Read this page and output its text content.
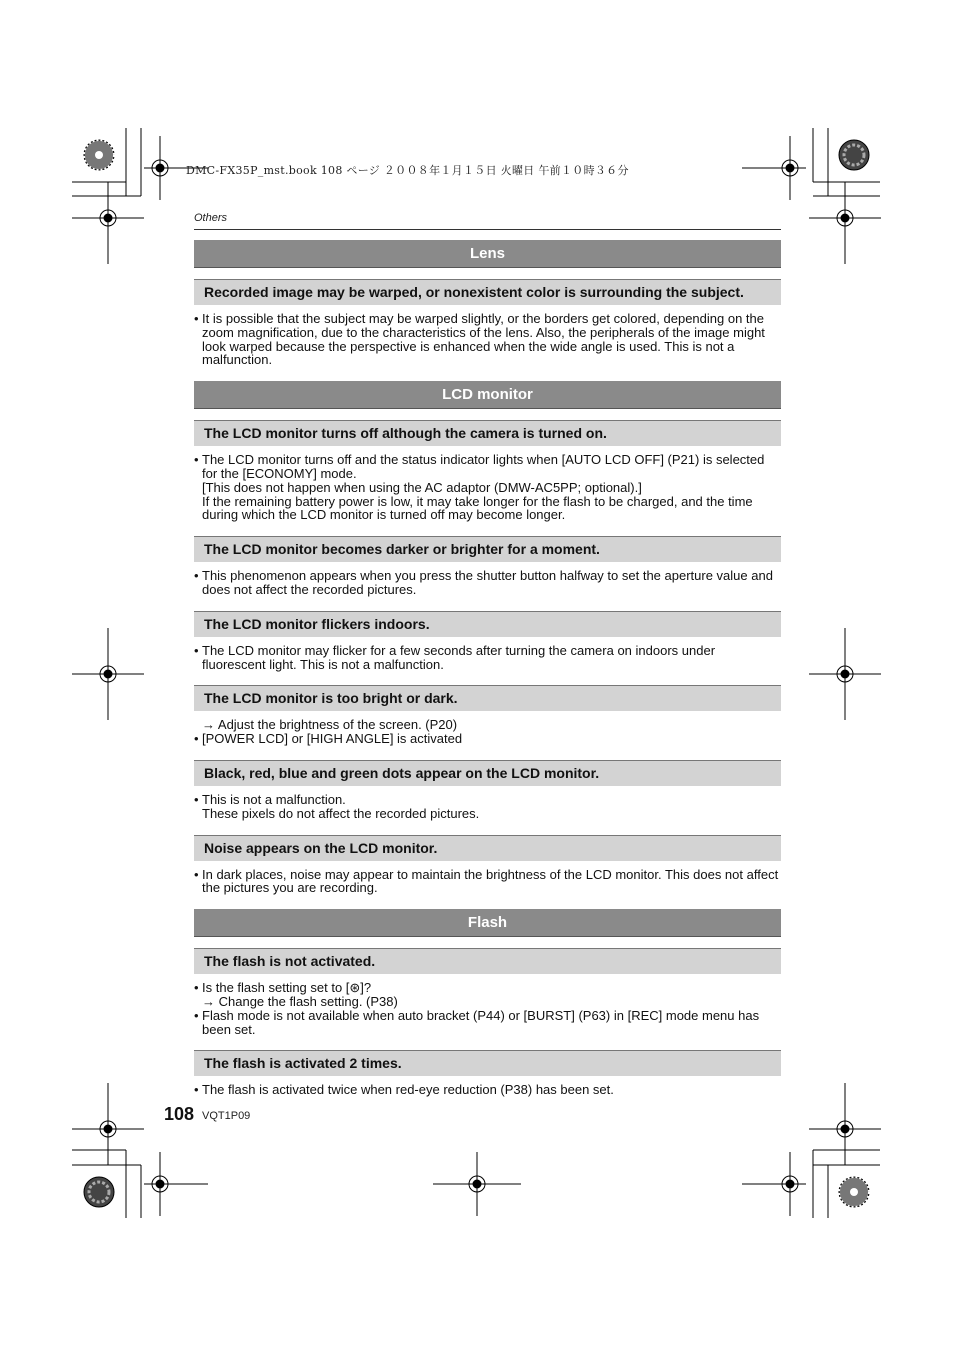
DMC-FX35P_mst.book 108 ページ ２００８年１月１５日 火曜日 午前１０時３６分
Others
Lens
Recorded image may be warped, or nonexistent color is surrounding the subject.
• It is possible that the subject may be warped slightly, or the borders get colored, depending on the zoom magnification, due to the characteristics of the lens. Also, the peripherals of the image might look warped because the perspective is enhanced when the wide angle is used. This is not a malfunction.
LCD monitor
The LCD monitor turns off although the camera is turned on.
• The LCD monitor turns off and the status indicator lights when [AUTO LCD OFF] (P21) is selected for the [ECONOMY] mode.
[This does not happen when using the AC adaptor (DMW-AC5PP; optional).]
If the remaining battery power is low, it may take longer for the flash to be charged, and the time during which the LCD monitor is turned off may become longer.
The LCD monitor becomes darker or brighter for a moment.
• This phenomenon appears when you press the shutter button halfway to set the aperture value and does not affect the recorded pictures.
The LCD monitor flickers indoors.
• The LCD monitor may flicker for a few seconds after turning the camera on indoors under fluorescent light. This is not a malfunction.
The LCD monitor is too bright or dark.
→ Adjust the brightness of the screen. (P20)
• [POWER LCD] or [HIGH ANGLE] is activated
Black, red, blue and green dots appear on the LCD monitor.
• This is not a malfunction.
These pixels do not affect the recorded pictures.
Noise appears on the LCD monitor.
• In dark places, noise may appear to maintain the brightness of the LCD monitor. This does not affect the pictures you are recording.
Flash
The flash is not activated.
• Is the flash setting set to [⊛]?
→ Change the flash setting. (P38)
• Flash mode is not available when auto bracket (P44) or [BURST] (P63) in [REC] mode menu has been set.
The flash is activated 2 times.
• The flash is activated twice when red-eye reduction (P38) has been set.
108 VQT1P09
